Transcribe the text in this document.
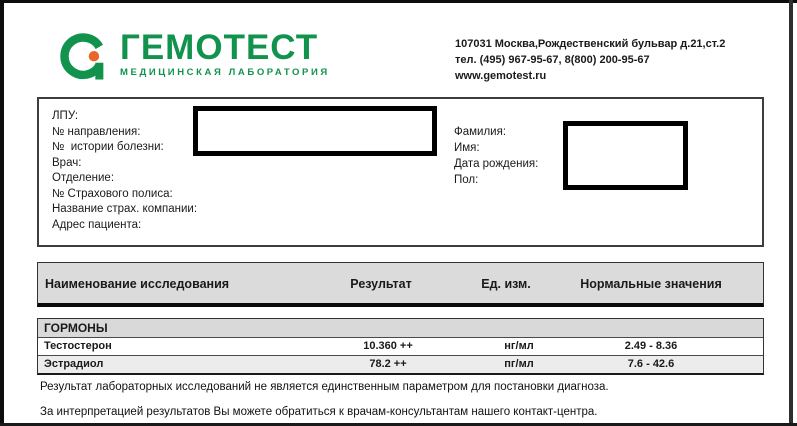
ГЕМОТЕСТ
МЕДИЦИНСКАЯ ЛАБОРАТОРИЯ
107031 Москва,Рождественский бульвар д.21,ст.2
тел. (495) 967-95-67, 8(800) 200-95-67
www.gemotest.ru
ЛПУ:
№ направления:
№  истории болезни:
Врач:
Отделение:
№ Страхового полиса:
Название страх. компании:
Адрес пациента:
Фамилия:
Имя:
Дата рождения:
Пол:
Наименование исследования	Результат	Ед. изм.	Нормальные значения
ГОРМОНЫ
Тестостерон	10.360 ++	нг/мл	2.49 - 8.36
Эстрадиол	78.2 ++	пг/мл	7.6 - 42.6
Результат лабораторных исследований не является единственным параметром для постановки диагноза.
За интерпретацией результатов Вы можете обратиться к врачам-консультантам нашего контакт-центра.
